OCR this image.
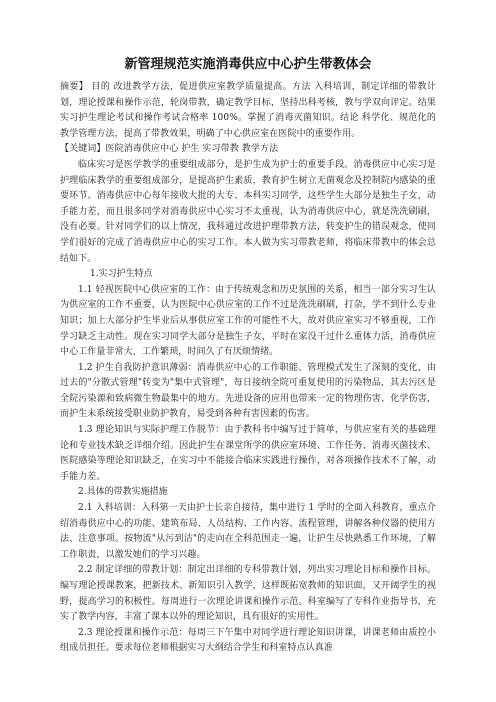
新管理规范实施消毒供应中心护生带教体会

摘要】 目的 改进教学方法，促进供应室教学质量提高。方法 入科培训，制定详细的带教计划，理论授课和操作示范，轮岗带教，确定教学目标，坚持出科考核，教与学双向评定。结果 实习护生理论考试和操作考试合格率 100%。掌握了消毒灭菌知识。结论 科学化、规范化的教学管理方法，提高了带教效果，明确了中心供应室在医院中的重要作用。

【关键词】医院消毒供应中心 护生 实习带教 教学方法

临床实习是医学教学的重要组成部分，是护生成为护士的重要手段。消毒供应中心实习是护理临床教学的重要组成部分，是提高护生素质，教育护生树立无菌观念及控制院内感染的重要环节。消毒供应中心每年接收大批的大专、本科实习同学，这些学生大部分是独生子女，动手能力差，而且很多同学对消毒供应中心实习不太重视，认为消毒供应中心，就是洗洗刷刷，没有必要。针对同学们的以上情况，我科通过改进护理带教方法，转变护生的错误观念，使同学们很好的完成了消毒供应中心的实习工作。本人做为实习带教老师，将临床带教中的体会总结如下。

1.实习护生特点

1.1 轻视医院中心供应室的工作：由于传统观念和历史氛围的关系，相当一部分实习生认为供应室的工作不重要，认为医院中心供应室的工作不过是洗洗刷刷，打杂，学不到什么专业知识；加上大部分护生毕业后从事供应室工作的可能性不大，故对供应室实习不够重视，工作学习缺乏主动性。现在实习同学大部分是独生子女，平时在家没干过什么重体力活，消毒供应中心工作量非常大，工作繁琐，时间久了有厌烦情绪。

1.2 护生自我防护意识薄弱：消毒供应中心的工作职能、管理模式发生了深刻的变化，由过去的"分散式管理"转变为"集中式管理"，每日接纳全院可重复使用的污染物品，其去污区是全院污染源和致病微生物最集中的地方。先进设备的应用也带来一定的物理伤害、化学伤害，而护生未系统接受职业防护教育，易受到各种有害因素的伤害。

1.3 理论知识与实际护理工作脱节：由于教科书中编写过于简单，与供应室有关的基础理论和专业技术缺乏详细介绍。因此护生在课堂所学的供应室环境、工作任务、消毒灭菌技术、医院感染等理论知识缺乏，在实习中不能接合临床实践进行操作，对各项操作技术不了解，动手能力差。

2.具体的带教实施措施

2.1 入科培训：入科第一天由护士长亲自接待，集中进行 1 学时的全面入科教育，重点介绍消毒供应中心的功能、建筑布局、人员结构、工作内容、流程管理，讲解各种仪器的使用方法、注意事项。按物流"从污到洁"的走向在全科范围走一遍，让护生尽快熟悉工作环境，了解工作职责，以激发她们的学习兴趣。

2.2 制定详细的带教计划：制定出详细的专科带教计划，列出实习理论目标和操作目标。编写理论授课教案，把新技术、新知识引入教学，这样既拓宽教师的知识面，又开阔学生的视野，提高学习的积极性。每周进行一次理论讲课和操作示范。科室编写了专科作业指导书，充实了教学内容，丰富了课本以外的理论知识，具有很好的实用性。

2.3 理论授课和操作示范：每周三下午集中对同学进行理论知识讲课，讲课老师由质控小组成员担任。要求每位老师根据实习大纲结合学生和科室特点认真准
